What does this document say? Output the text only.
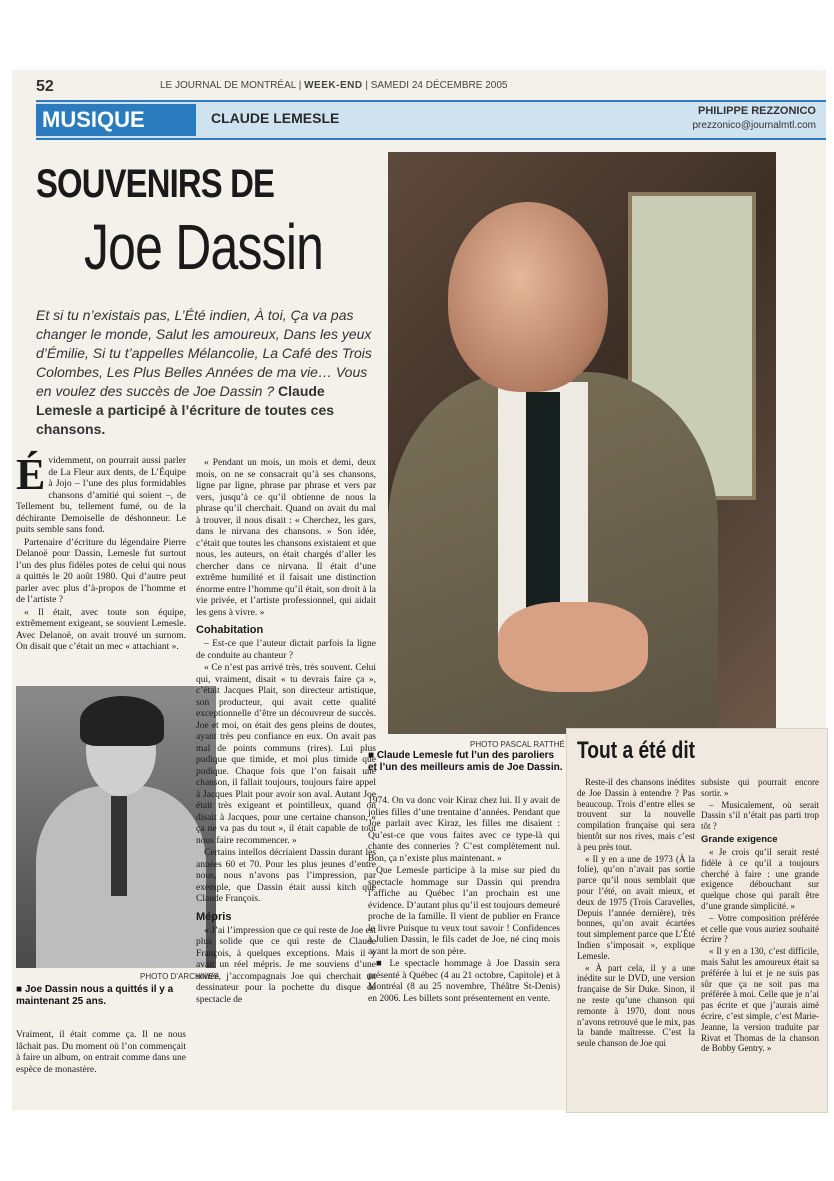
52	LE JOURNAL DE MONTRÉAL | WEEK-END | SAMEDI 24 DÉCEMBRE 2005
MUSIQUE	CLAUDE LEMESLE	PHILIPPE REZZONICO
prezzonico@journalmtl.com
SOUVENIRS DE
Joe Dassin
Et si tu n’existais pas, L’Été indien, À toi, Ça va pas changer le monde, Salut les amoureux, Dans les yeux d’Émilie, Si tu t’appelles Mélancolie, La Café des Trois Colombes, Les Plus Belles Années de ma vie… Vous en voulez des succès de Joe Dassin ? Claude Lemesle a participé à l’écriture de toutes ces chansons.
PHOTO PASCAL RATTHÉ
■ Claude Lemesle fut l’un des paroliers et l’un des meilleurs amis de Joe Dassin.
É videmment, on pourrait aussi parler de La Fleur aux dents, de L’Équipe à Jojo – l’une des plus formidables chansons d’amitié qui soient –, de Tellement bu, tellement fumé, ou de la déchirante Demoiselle de déshonneur. Le puits semble sans fond.

Partenaire d’écriture du légendaire Pierre Delanoë pour Dassin, Lemesle fut surtout l’un des plus fidèles potes de celui qui nous a quittés le 20 août 1980. Qui d’autre peut parler avec plus d’à-propos de l’homme et de l’artiste ?

« Il était, avec toute son équipe, extrêmement exigeant, se souvient Lemesle. Avec Delanoë, on avait trouvé un surnom. On disait que c’était un mec « attachiant ».

PHOTO D’ARCHIVES
■ Joe Dassin nous a quittés il y a maintenant 25 ans.

Vraiment, il était comme ça. Il ne nous lâchait pas. Du moment où l’on commençait à faire un album, on entrait comme dans une espèce de monastère.

« Pendant un mois, un mois et demi, deux mois, on ne se consacrait qu’à ses chansons, ligne par ligne, phrase par phrase et vers par vers, jusqu’à ce qu’il obtienne de nous la phrase qu’il cherchait. Quand on avait du mal à trouver, il nous disait : « Cherchez, les gars, dans le nirvana des chansons. » Son idée, c’était que toutes les chansons existaient et que nous, les auteurs, on était chargés d’aller les chercher dans ce nirvana. Il était d’une extrême humilité et il faisait une distinction énorme entre l’homme qu’il était, son droit à la vie privée, et l’artiste professionnel, qui aidait les gens à vivre. »

Cohabitation

– Est-ce que l’auteur dictait parfois la ligne de conduite au chanteur ?

« Ce n’est pas arrivé très, très souvent. Celui qui, vraiment, disait « tu devrais faire ça », c’était Jacques Plait, son directeur artistique, son producteur, qui avait cette qualité exceptionnelle d’être un découvreur de succès. Joe et moi, on était des gens pleins de doutes, ayant très peu confiance en eux. On avait pas mal de points communs (rires). Lui plus pudique que timide, et moi plus timide que pudique. Chaque fois que l’on faisait une chanson, il fallait toujours, toujours faire appel à Jacques Plait pour avoir son aval. Autant Joe était très exigeant et pointilleux, quand on disait à Jacques, pour une certaine chanson, « ça ne va pas du tout », il était capable de tout nous faire recommencer. »

Certains intellos décriaient Dassin durant les années 60 et 70. Pour les plus jeunes d’entre nous, nous n’avons pas l’impression, par exemple, que Dassin était aussi kitch que Claude François.

Mépris

« J’ai l’impression que ce qui reste de Joe est plus solide que ce qui reste de Claude François, à quelques exceptions. Mais il y avait un réel mépris. Je me souviens d’une soirée, j’accompagnais Joe qui cherchait un dessinateur pour la pochette du disque de spectacle de

1974. On va donc voir Kiraz chez lui. Il y avait de jolies filles d’une trentaine d’années. Pendant que Joe parlait avec Kiraz, les filles me disaient : Qu’est-ce que vous faites avec ce type-là qui chante des conneries ? C’est complètement nul. Bon, ça n’existe plus maintenant. »

Que Lemesle participe à la mise sur pied du spectacle hommage sur Dassin qui prendra l’affiche au Québec l’an prochain est une évidence. D’autant plus qu’il est toujours demeuré proche de la famille. Il vient de publier en France le livre Puisque tu veux tout savoir ! Confidences à Julien Dassin, le fils cadet de Joe, né cinq mois avant la mort de son père.

■ Le spectacle hommage à Joe Dassin sera présenté à Québec (4 au 21 octobre, Capitole) et à Montréal (8 au 25 novembre, Théâtre St-Denis) en 2006. Les billets sont présentement en vente.

Tout a été dit

Reste-il des chansons inédites de Joe Dassin à entendre ? Pas beaucoup. Trois d’entre elles se trouvent sur la nouvelle compilation française qui sera bientôt sur nos rives, mais c’est à peu près tout.

« Il y en a une de 1973 (À la folie), qu’on n’avait pas sortie parce qu’il nous semblait que pour l’été, on avait mieux, et deux de 1975 (Trois Caravelles, Depuis l’année dernière), très bonnes, qu’on avait écartées tout simplement parce que L’Été Indien s’imposait », explique Lemesle.

« À part cela, il y a une inédite sur le DVD, une version française de Sir Duke. Sinon, il ne reste qu’une chanson qui remonte à 1970, dont nous n’avons retrouvé que le mix, pas la bande maîtresse. C’est la seule chanson de Joe qui

subsiste qui pourrait encore sortir. »

– Musicalement, où serait Dassin s’il n’était pas parti trop tôt ?

Grande exigence

« Je crois qu’il serait resté fidèle à ce qu’il a toujours cherché à faire : une grande exigence débouchant sur quelque chose qui paraît être d’une grande simplicité. »

– Votre composition préférée et celle que vous auriez souhaité écrire ?

« Il y en a 130, c’est difficile, mais Salut les amoureux était sa préférée à lui et je ne suis pas sûr que ça ne soit pas ma préférée à moi. Celle que je n’ai pas écrite et que j’aurais aimé écrire, c’est simple, c’est Marie-Jeanne, la version traduite par Rivat et Thomas de la chanson de Bobby Gentry. »
